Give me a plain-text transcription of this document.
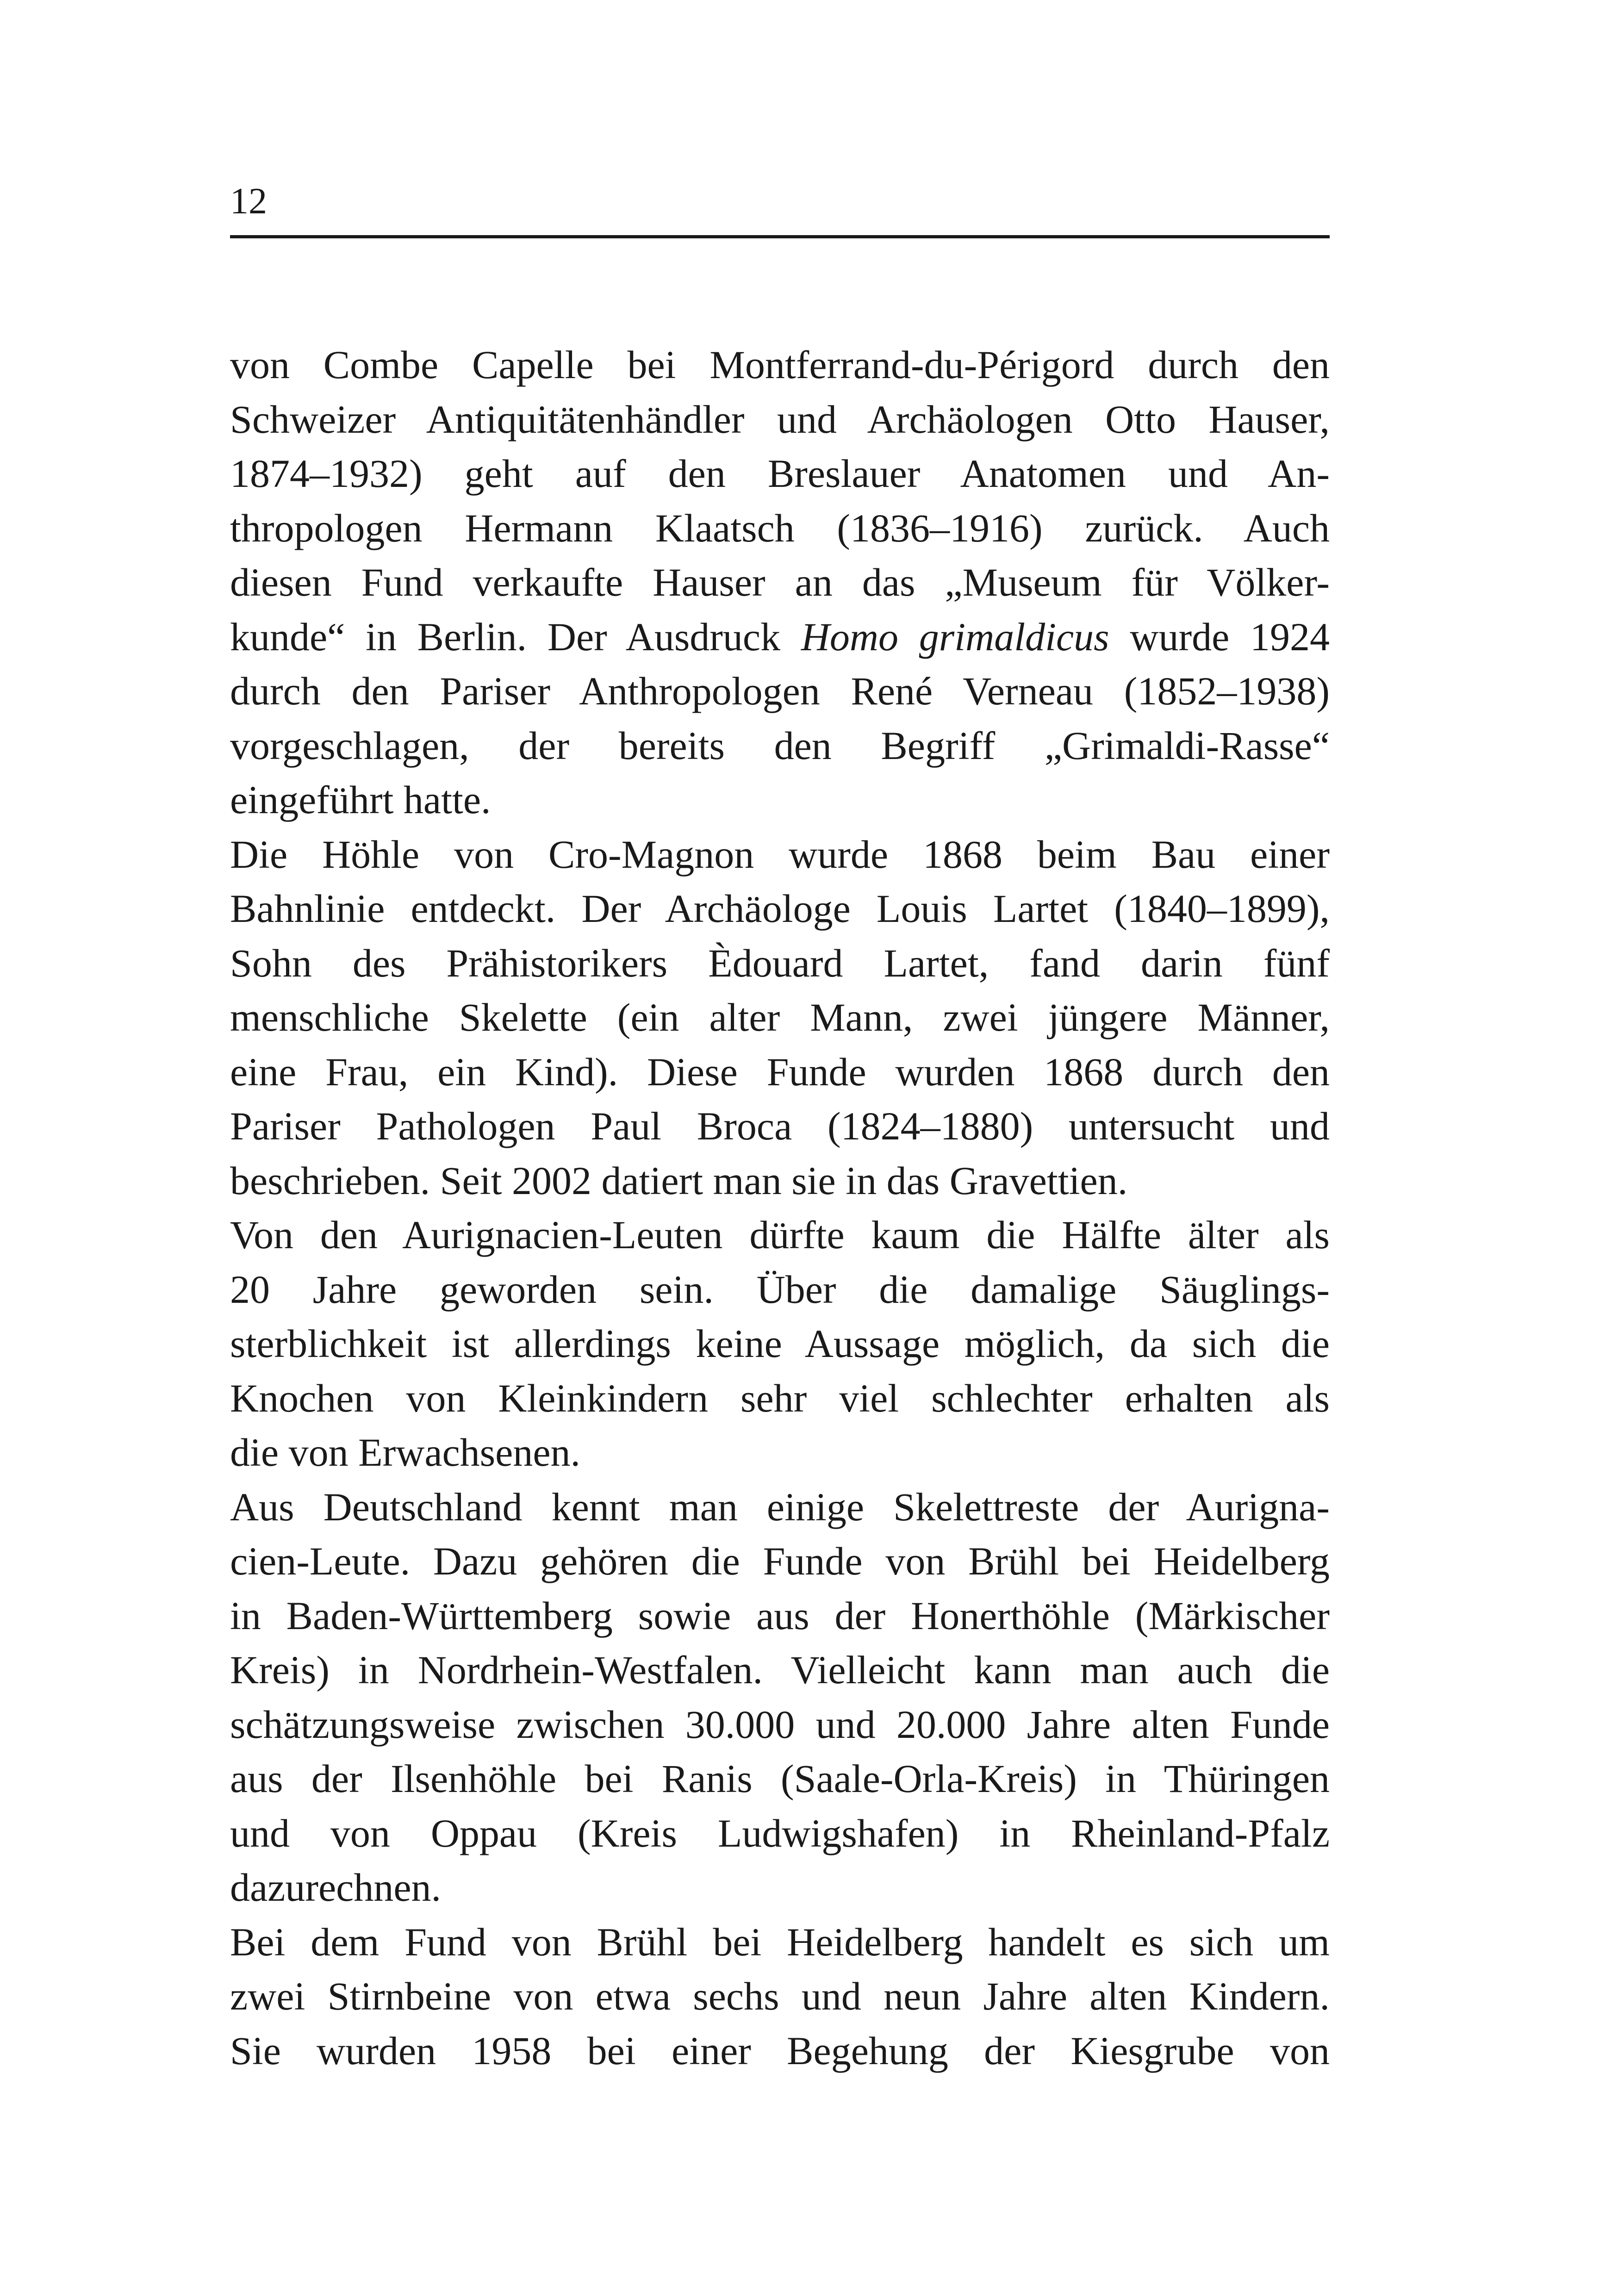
12
von Combe Capelle bei Montferrand-du-Périgord durch den
Schweizer Antiquitätenhändler und Archäologen Otto Hauser,
1874–1932) geht auf den Breslauer Anatomen und An-
thropologen Hermann Klaatsch (1836–1916) zurück. Auch
diesen Fund verkaufte Hauser an das „Museum für Völker-
kunde“ in Berlin. Der Ausdruck Homo grimaldicus wurde 1924
durch den Pariser Anthropologen René Verneau (1852–1938)
vorgeschlagen, der bereits den Begriff „Grimaldi-Rasse“
eingeführt hatte.
Die Höhle von Cro-Magnon wurde 1868 beim Bau einer
Bahnlinie entdeckt. Der Archäologe Louis Lartet (1840–1899),
Sohn des Prähistorikers Èdouard Lartet, fand darin fünf
menschliche Skelette (ein alter Mann, zwei jüngere Männer,
eine Frau, ein Kind). Diese Funde wurden 1868 durch den
Pariser Pathologen Paul Broca (1824–1880) untersucht und
beschrieben. Seit 2002 datiert man sie in das Gravettien.
Von den Aurignacien-Leuten dürfte kaum die Hälfte älter als
20 Jahre geworden sein. Über die damalige Säuglings-
sterblichkeit ist allerdings keine Aussage möglich, da sich die
Knochen von Kleinkindern sehr viel schlechter erhalten als
die von Erwachsenen.
Aus Deutschland kennt man einige Skelettreste der Aurigna-
cien-Leute. Dazu gehören die Funde von Brühl bei Heidelberg
in Baden-Württemberg sowie aus der Honerthöhle (Märkischer
Kreis) in Nordrhein-Westfalen. Vielleicht kann man auch die
schätzungsweise zwischen 30.000 und 20.000 Jahre alten Funde
aus der Ilsenhöhle bei Ranis (Saale-Orla-Kreis) in Thüringen
und von Oppau (Kreis Ludwigshafen) in Rheinland-Pfalz
dazurechnen.
Bei dem Fund von Brühl bei Heidelberg handelt es sich um
zwei Stirnbeine von etwa sechs und neun Jahre alten Kindern.
Sie wurden 1958 bei einer Begehung der Kiesgrube von
